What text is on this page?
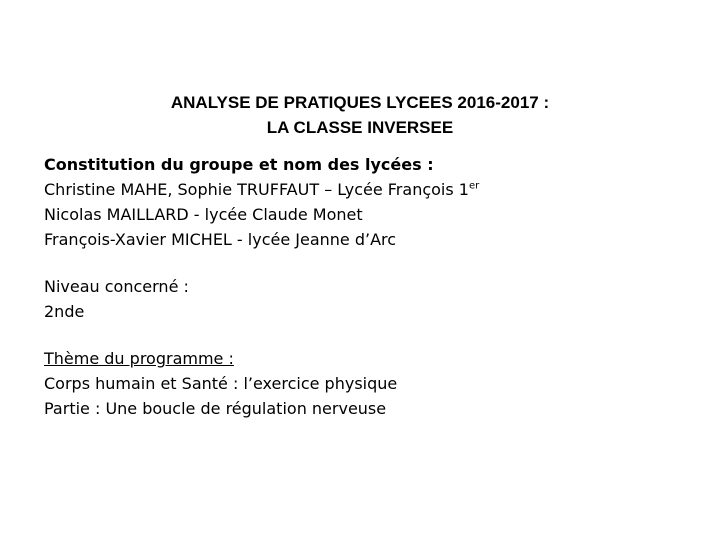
ANALYSE DE PRATIQUES LYCEES 2016-2017 :
LA CLASSE INVERSEE
Constitution du groupe et nom des lycées :
Christine MAHE, Sophie TRUFFAUT – Lycée François 1er
Nicolas MAILLARD - lycée Claude Monet
François-Xavier MICHEL - lycée Jeanne d’Arc
Niveau concerné :
2nde
Thème du programme :
Corps humain et Santé : l’exercice physique
Partie : Une boucle de régulation nerveuse
